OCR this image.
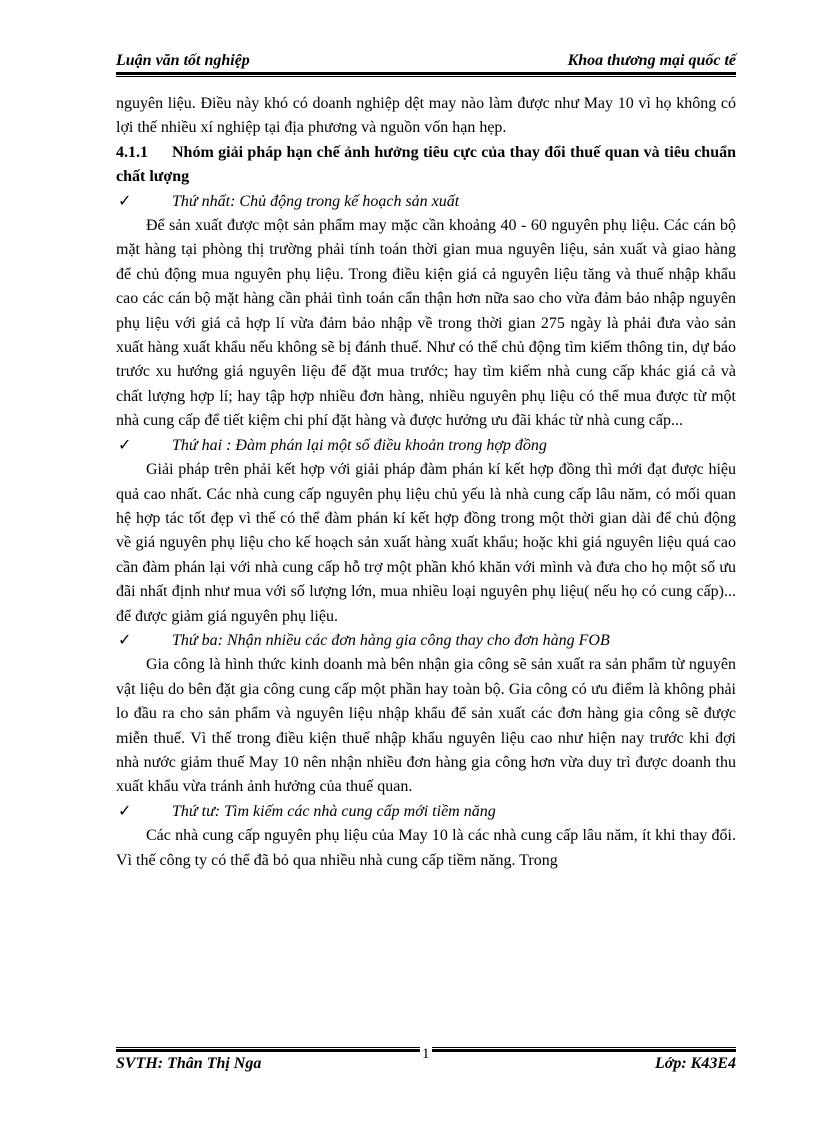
Luận văn tốt nghiệp	Khoa thương mại quốc tế

nguyên liệu. Điều này khó có doanh nghiệp dệt may nào làm được như May 10 vì họ không có lợi thế nhiều xí nghiệp tại địa phương và nguồn vốn hạn hẹp.

4.1.1 Nhóm giải pháp hạn chế ảnh hưởng tiêu cực của thay đổi thuế quan và tiêu chuẩn chất lượng

✓	Thứ nhất: Chủ động trong kế hoạch sản xuất

Để sản xuất được một sản phẩm may mặc cần khoảng 40 - 60 nguyên phụ liệu. Các cán bộ mặt hàng tại phòng thị trường phải tính toán thời gian mua nguyên liệu, sản xuất và giao hàng để chủ động mua nguyên phụ liệu. Trong điều kiện giá cả nguyên liệu tăng và thuế nhập khẩu cao các cán bộ mặt hàng cần phải tình toán cẩn thận hơn nữa sao cho vừa đảm bảo nhập nguyên phụ liệu với giá cả hợp lí vừa đảm bảo nhập về trong thời gian 275 ngày là phải đưa vào sản xuất hàng xuất khẩu nếu không sẽ bị đánh thuế. Như có thể chủ động tìm kiếm thông tin, dự báo trước xu hướng giá nguyên liệu để đặt mua trước; hay tìm kiếm nhà cung cấp khác giá cả và chất lượng hợp lí; hay tập hợp nhiều đơn hàng, nhiều nguyên phụ liệu có thể mua được từ một nhà cung cấp để tiết kiệm chi phí đặt hàng và được hưởng ưu đãi khác từ nhà cung cấp...

✓	Thứ hai : Đàm phán lại một số điều khoản trong hợp đồng

Giải pháp trên phải kết hợp với giải pháp đàm phán kí kết hợp đồng thì mới đạt được hiệu quả cao nhất. Các nhà cung cấp nguyên phụ liệu chủ yếu là nhà cung cấp lâu năm, có mối quan hệ hợp tác tốt đẹp vì thế có thể đàm phán kí kết hợp đồng trong một thời gian dài để chủ động về giá nguyên phụ liệu cho kế hoạch sản xuất hàng xuất khẩu; hoặc khi giá nguyên liệu quá cao cần đàm phán lại với nhà cung cấp hỗ trợ một phần khó khăn với mình và đưa cho họ một số ưu đãi nhất định như mua với số lượng lớn, mua nhiều loại nguyên phụ liệu( nếu họ có cung cấp)... để được giảm giá nguyên phụ liệu.

✓	Thứ ba: Nhận nhiều các đơn hàng gia công thay cho đơn hàng FOB

Gia công là hình thức kinh doanh mà bên nhận gia công sẽ sản xuất ra sản phẩm từ nguyên vật liệu do bên đặt gia công cung cấp một phần hay toàn bộ. Gia công có ưu điểm là không phải lo đầu ra cho sản phẩm và nguyên liệu nhập khẩu để sản xuất các đơn hàng gia công sẽ được miễn thuế. Vì thế trong điều kiện thuế nhập khẩu nguyên liệu cao như hiện nay trước khi đợi nhà nước giảm thuế May 10 nên nhận nhiều đơn hàng gia công hơn vừa duy trì được doanh thu xuất khẩu vừa tránh ảnh hưởng của thuế quan.

✓	Thứ tư: Tìm kiếm các nhà cung cấp mới tiềm năng

Các nhà cung cấp nguyên phụ liệu của May 10 là các nhà cung cấp lâu năm, ít khi thay đổi. Vì thế công ty có thể đã bỏ qua nhiều nhà cung cấp tiềm năng. Trong

1
SVTH: Thân Thị Nga	Lớp: K43E4
